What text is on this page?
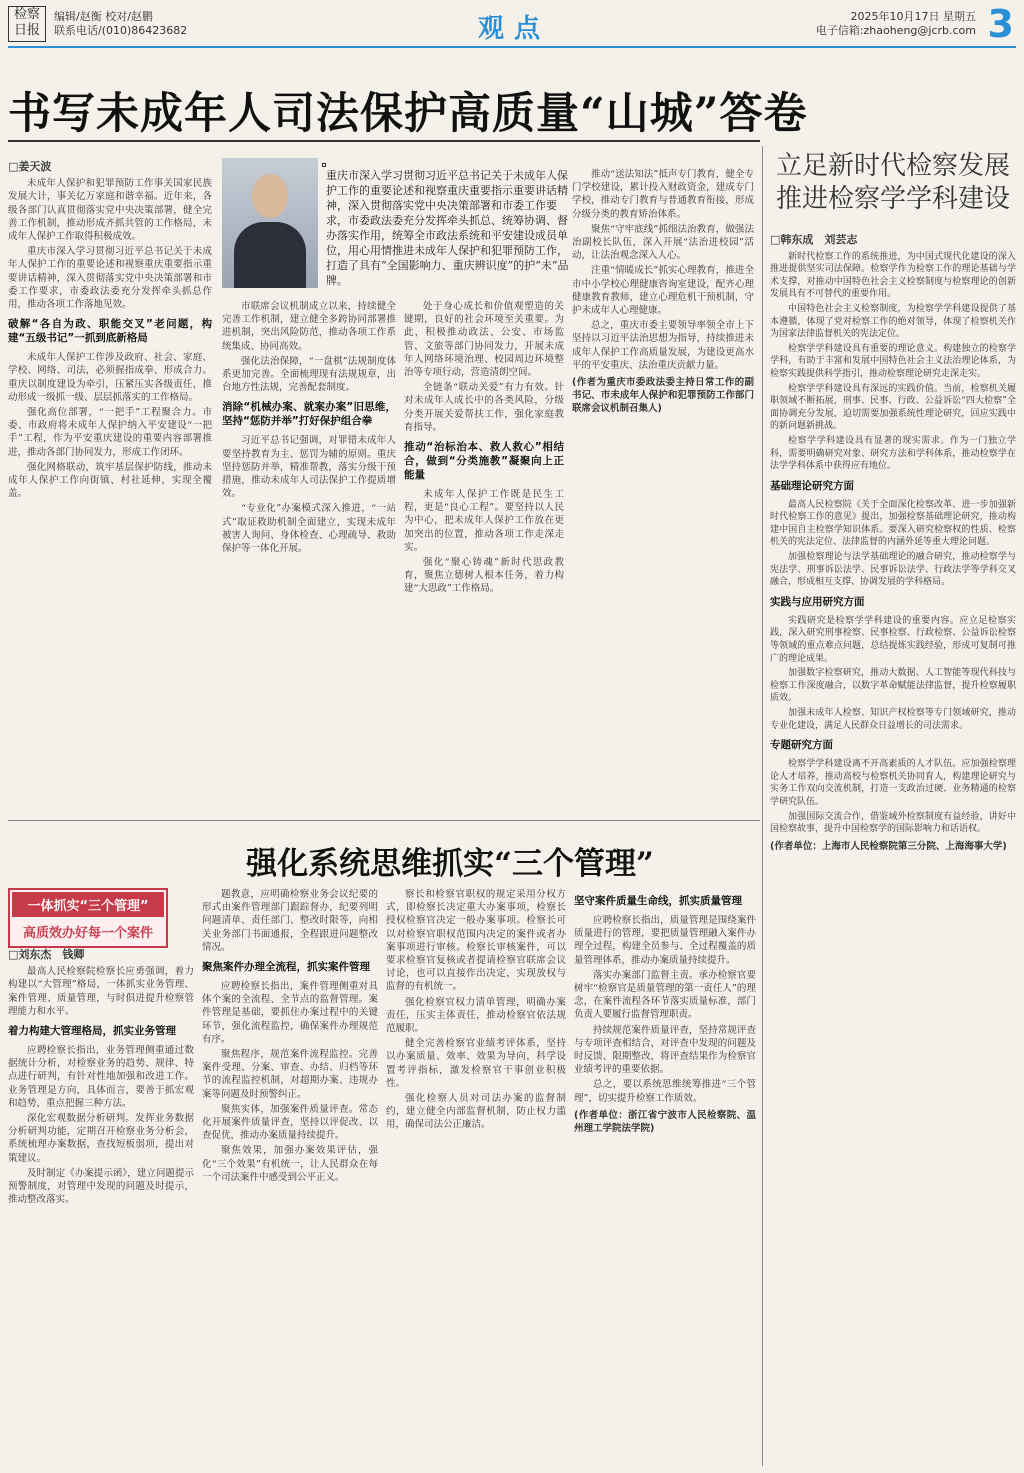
检察日报
编辑/赵衡 校对/赵鹏
联系电话/(010)86423682	观点	2025年10月17日 星期五
电子信箱:zhaoheng@jcrb.com 3
书写未成年人司法保护高质量“山城”答卷
□姜天波

未成年人保护和犯罪预防工作事关国家民族发展大计，事关亿万家庭和谐幸福。近年来，各级各部门认真贯彻落实党中央决策部署，健全完善工作机制，推动形成齐抓共管的工作格局，未成年人保护工作取得积极成效。

重庆市深入学习贯彻习近平总书记关于未成年人保护工作的重要论述和视察重庆重要指示重要讲话精神，深入贯彻落实党中央决策部署和市委工作要求，市委政法委充分发挥牵头抓总作用，推动各项工作落地见效。

破解“各自为政、职能交叉”老问题，构建“五级书记”一抓到底新格局

未成年人保护工作涉及政府、社会、家庭、学校、网络、司法，必须握指成拳、形成合力。重庆以制度建设为牵引，压紧压实各级责任，推动形成一级抓一级、层层抓落实的工作格局。

强化高位部署，“一把手”工程聚合力。市委、市政府将未成年人保护纳入平安建设“一把手”工程，作为平安重庆建设的重要内容部署推进，推动各部门协同发力，形成工作闭环。

强化网格联动，筑牢基层保护防线，推动未成年人保护工作向街镇、村社延伸，实现全覆盖。

重庆市深入学习贯彻习近平总书记关于未成年人保护工作的重要论述和视察重庆重要指示重要讲话精神，深入贯彻落实党中央决策部署和市委工作要求，市委政法委充分发挥牵头抓总、统筹协调、督办落实作用，统筹全市政法系统和平安建设成员单位，用心用情推进未成年人保护和犯罪预防工作，打造了具有“全国影响力、重庆辨识度”的护“未”品牌。

市联席会议机制成立以来，持续健全完善工作机制，建立健全多跨协同部署推进机制，突出风险防范，推动各项工作系统集成、协同高效。

强化法治保障，“一盘棋”法规制度体系更加完善。全面梳理现有法规规章，出台地方性法规，完善配套制度。

消除“机械办案、就案办案”旧思维，坚持“惩防并举”打好保护组合拳

习近平总书记强调，对罪错未成年人要坚持教育为主、惩罚为辅的原则。重庆坚持惩防并举，精准帮教，落实分级干预措施，推动未成年人司法保护工作提质增效。

“专业化”办案模式深入推进，“一站式”取证救助机制全面建立，实现未成年被害人询问、身体检查、心理疏导、救助保护等一体化开展。

处于身心成长和价值观塑造的关键期，良好的社会环境至关重要。为此，积极推动政法、公安、市场监管、文旅等部门协同发力，开展未成年人网络环境治理、校园周边环境整治等专项行动，营造清朗空间。

全链条“联动关爱”有力有效。针对未成年人成长中的各类风险，分级分类开展关爱帮扶工作，强化家庭教育指导。

推动“治标治本、救人救心”相结合，做到“分类施教”凝聚向上正能量

未成年人保护工作既是民生工程，更是“良心工程”。要坚持以人民为中心，把未成年人保护工作放在更加突出的位置，推动各项工作走深走实。

强化“聚心铸魂”新时代思政教育，聚焦立德树人根本任务，着力构建“大思政”工作格局。

推动“送法知法”抵声专门教育，健全专门学校建设，累计投入财政资金，建成专门学校，推动专门教育与普通教育衔接，形成分级分类的教育矫治体系。

聚焦“守牢底线”抓细法治教育，做强法治副校长队伍，深入开展“法治进校园”活动，让法治观念深入人心。

注重“情暖成长”抓实心理教育，推进全市中小学校心理健康咨询室建设，配齐心理健康教育教师，建立心理危机干预机制，守护未成年人心理健康。

总之，重庆市委主要领导率领全市上下坚持以习近平法治思想为指导，持续推进未成年人保护工作高质量发展，为建设更高水平的平安重庆、法治重庆贡献力量。

(作者为重庆市委政法委主持日常工作的副书记、市未成年人保护和犯罪预防工作部门联席会议机制召集人)
立足新时代检察发展推进检察学学科建设
□韩东成　刘芸志

新时代检察工作的系统推进，为中国式现代化建设的深入推进提供坚实司法保障。检察学作为检察工作的理论基础与学术支撑，对推动中国特色社会主义检察制度与检察理论的创新发展具有不可替代的重要作用。

中国特色社会主义检察制度，为检察学学科建设提供了基本遵循，体现了党对检察工作的绝对领导，体现了检察机关作为国家法律监督机关的宪法定位。

检察学学科建设具有重要的理论意义。构建独立的检察学学科，有助于丰富和发展中国特色社会主义法治理论体系，为检察实践提供科学指引，推动检察理论研究走深走实。

检察学学科建设具有深远的实践价值。当前，检察机关履职领域不断拓展，刑事、民事、行政、公益诉讼“四大检察”全面协调充分发展，迫切需要加强系统性理论研究，回应实践中的新问题新挑战。

检察学学科建设具有显著的现实需求。作为一门独立学科，需要明确研究对象、研究方法和学科体系，推动检察学在法学学科体系中获得应有地位。

基础理论研究方面

最高人民检察院《关于全面深化检察改革、进一步加强新时代检察工作的意见》提出，加强检察基础理论研究，推动构建中国自主检察学知识体系。要深入研究检察权的性质、检察机关的宪法定位、法律监督的内涵外延等重大理论问题。

加强检察理论与法学基础理论的融合研究，推动检察学与宪法学、刑事诉讼法学、民事诉讼法学、行政法学等学科交叉融合，形成相互支撑、协调发展的学科格局。

实践与应用研究方面

实践研究是检察学学科建设的重要内容。应立足检察实践，深入研究刑事检察、民事检察、行政检察、公益诉讼检察等领域的重点难点问题，总结提炼实践经验，形成可复制可推广的理论成果。

加强数字检察研究，推动大数据、人工智能等现代科技与检察工作深度融合，以数字革命赋能法律监督，提升检察履职质效。

加强未成年人检察、知识产权检察等专门领域研究，推动专业化建设，满足人民群众日益增长的司法需求。

专题研究方面

检察学学科建设离不开高素质的人才队伍。应加强检察理论人才培养，推动高校与检察机关协同育人，构建理论研究与实务工作双向交流机制，打造一支政治过硬、业务精通的检察学研究队伍。

加强国际交流合作，借鉴域外检察制度有益经验，讲好中国检察故事，提升中国检察学的国际影响力和话语权。

(作者单位：上海市人民检察院第三分院、上海海事大学)
强化系统思维抓实“三个管理”
一体抓实“三个管理”
高质效办好每一个案件
□刘东杰　钱卿

最高人民检察院检察长应勇强调，着力构建以“大管理”格局，一体抓实业务管理、案件管理、质量管理，与时俱进提升检察管理能力和水平。

着力构建大管理格局，抓实业务管理

应聘检察长指出，业务管理侧重通过数据统计分析，对检察业务的趋势、规律、特点进行研判，有针对性地加强和改进工作。业务管理是方向，具体而言，要善于抓宏观和趋势，重点把握三种方法。

深化宏观数据分析研判。发挥业务数据分析研判功能，定期召开检察业务分析会，系统梳理办案数据，查找短板弱项，提出对策建议。

及时制定《办案提示函》，建立问题提示预警制度，对管理中发现的问题及时提示，推动整改落实。

题教意，应明确检察业务会议纪要的形式由案件管理部门跟踪督办，纪要列明问题清单、责任部门、整改时限等，向相关业务部门书面通报，全程跟进问题整改情况。

聚焦案件办理全流程，抓实案件管理

应聘检察长指出，案件管理侧重对具体个案的全流程、全节点的监督管理。案件管理是基础，要抓住办案过程中的关键环节，强化流程监控，确保案件办理规范有序。

聚焦程序，规范案件流程监控。完善案件受理、分案、审查、办结、归档等环节的流程监控机制，对超期办案、违规办案等问题及时预警纠正。

聚焦实体，加强案件质量评查。常态化开展案件质量评查，坚持以评促改、以查促优，推动办案质量持续提升。

聚焦效果，加强办案效果评估，强化“三个效果”有机统一，让人民群众在每一个司法案件中感受到公平正义。

察长和检察官职权的规定采用分权方式，即检察长决定重大办案事项，检察长授权检察官决定一般办案事项。检察长可以对检察官职权范围内决定的案件或者办案事项进行审核。检察长审核案件，可以要求检察官复核或者提请检察官联席会议讨论，也可以直接作出决定，实现放权与监督的有机统一。

强化检察官权力清单管理，明确办案责任，压实主体责任，推动检察官依法规范履职。

健全完善检察官业绩考评体系，坚持以办案质量、效率、效果为导向，科学设置考评指标，激发检察官干事创业积极性。

强化检察人员对司法办案的监督制约，建立健全内部监督机制，防止权力滥用，确保司法公正廉洁。

坚守案件质量生命线，抓实质量管理

应聘检察长指出，质量管理是围绕案件质量进行的管理，要把质量管理融入案件办理全过程，构建全员参与、全过程覆盖的质量管理体系，推动办案质量持续提升。

落实办案部门监督主责。承办检察官要树牢“检察官是质量管理的第一责任人”的理念，在案件流程各环节落实质量标准，部门负责人要履行监督管理职责。

持续规范案件质量评查，坚持常规评查与专项评查相结合，对评查中发现的问题及时反馈、限期整改，将评查结果作为检察官业绩考评的重要依据。

总之，要以系统思维统筹推进“三个管理”，切实提升检察工作质效。

(作者单位：浙江省宁波市人民检察院、温州理工学院法学院)
